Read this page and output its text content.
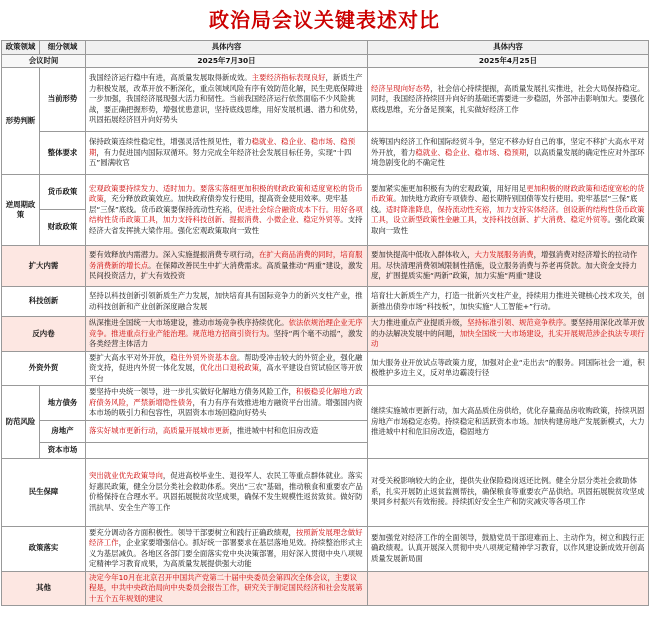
政治局会议关键表述对比
政策领域	细分领域	具体内容	具体内容
会议时间		2025年7月30日	2025年4月25日
形势判断	当前形势	我国经济运行稳中有进，高质量发展取得新成效。主要经济指标表现良好，新质生产力积极发展，改革开放不断深化，重点领域风险有序有效防范化解，民生兜底保障进一步加强，我国经济展现强大活力和韧性。当前我国经济运行依然面临不少风险挑战，要正确把握形势，增强忧患意识，坚持底线思维，用好发展机遇、潜力和优势，巩固拓展经济回升向好势头	经济呈现向好态势，社会信心持续提振，高质量发展扎实推进，社会大局保持稳定。同时，我国经济持续回升向好的基础还需要进一步稳固，外部冲击影响加大。要强化底线思维，充分备足预案，扎实做好经济工作
	整体要求	保持政策连续性稳定性，增强灵活性预见性，着力稳就业、稳企业、稳市场、稳预期，有力促进国内国际双循环。努力完成全年经济社会发展目标任务，实现“十四五”圆满收官	统筹国内经济工作和国际经贸斗争，坚定不移办好自己的事，坚定不移扩大高水平对外开放，着力稳就业、稳企业、稳市场、稳预期，以高质量发展的确定性应对外部环境急剧变化的不确定性
逆周期政策	货币政策	宏观政策要持续发力、适时加力。要落实落细更加积极的财政政策和适度宽松的货币政策，充分释放政策效应。加快政府债券发行使用，提高资金使用效率。兜牢基层“三保”底线。货币政策要保持流动性充裕，促进社会综合融资成本下行。用好各项结构性货币政策工具，加力支持科技创新、提振消费、小微企业、稳定外贸等。支持经济大省发挥挑大梁作用。强化宏观政策取向一致性	要加紧实施更加积极有为的宏观政策，用好用足更加积极的财政政策和适度宽松的货币政策。加快地方政府专项债券、超长期特别国债等发行使用。兜牢基层“三保”底线。适时降准降息，保持流动性充裕，加力支持实体经济。创设新的结构性货币政策工具，设立新型政策性金融工具，支持科技创新、扩大消费、稳定外贸等。强化政策取向一致性
	财政政策		
扩大内需		要有效释放内需潜力。深入实施提振消费专项行动，在扩大商品消费的同时，培育服务消费新的增长点。在保障改善民生中扩大消费需求。高质量推动“两重”建设，激发民间投资活力，扩大有效投资	要加快提高中低收入群体收入，大力发展服务消费，增强消费对经济增长的拉动作用。尽快清理消费领域限制性措施，设立服务消费与养老再贷款。加大资金支持力度，扩围提质实施“两新”政策，加力实施“两重”建设
科技创新		坚持以科技创新引领新质生产力发展，加快培育具有国际竞争力的新兴支柱产业，推动科技创新和产业创新深度融合发展	培育壮大新质生产力，打造一批新兴支柱产业，持续用力推进关键核心技术攻关，创新推出债券市场“科技板”，加快实施“人工智能+”行动。
反内卷		纵深推进全国统一大市场建设，推动市场竞争秩序持续优化。依法依规治理企业无序竞争。推进重点行业产能治理。规范地方招商引资行为。坚持“两个毫不动摇”，激发各类经营主体活力	大力推进重点产业提质升级，坚持标准引领、规范竞争秩序。要坚持用深化改革开放的办法解决发展中的问题，加快全国统一大市场建设，扎实开展规范涉企执法专项行动
外资外贸		要扩大高水平对外开放，稳住外贸外资基本盘。帮助受冲击较大的外贸企业，强化融资支持，促进内外贸一体化发展，优化出口退税政策，高水平建设自贸试验区等开放平台	加大服务业开放试点等政策力度，加强对企业“走出去”的服务。同国际社会一道，积极维护多边主义，反对单边霸凌行径
防范风险	地方债务	要坚持中央统一领导，进一步扎实做好化解地方债务风险工作，积极稳妥化解地方政府债务风险，严禁新增隐性债务，有力有序有效推进地方融资平台出清。增强国内资本市场的吸引力和包容性，巩固资本市场回稳向好势头	继续实施城市更新行动，加大高品质住房供给，优化存量商品房收购政策，持续巩固房地产市场稳定态势。持续稳定和活跃资本市场。加快构建房地产发展新模式，大力推进城中村和危旧房改造，稳固地方
	房地产	落实好城市更新行动，高质量开展城市更新，推进城中村和危旧房改造	
	资本市场		
民生保障		突出就业优先政策导向，促进高校毕业生、退役军人、农民工等重点群体就业。落实好惠民政策，健全分层分类社会救助体系。突出“三农”基础，推动粮食和重要农产品价格保持在合理水平。巩固拓展脱贫攻坚成果，确保不发生规模性返贫致贫。做好防汛抗旱、安全生产等工作	对受关税影响较大的企业，提供失业保险稳岗返还比例。健全分层分类社会救助体系，扎实开展防止返贫监测帮扶，确保粮食等重要农产品供给。巩固拓展脱贫攻坚成果同乡村振兴有效衔接。持续抓好安全生产和防灾减灾等各项工作
政策落实		要充分调动各方面积极性。领导干部要树立和践行正确政绩观，按照新发展理念做好经济工作，企业家要增强信心。抓好统一部署要求在基层落地见效。持续整治形式主义为基层减负。各地区各部门要全面落实党中央决策部署，用好深入贯彻中央八项规定精神学习教育成果，为高质量发展提供强大动能	要加强党对经济工作的全面领导，鼓励党员干部迎难而上、主动作为，树立和践行正确政绩观。认真开展深入贯彻中央八项规定精神学习教育，以作风建设新成效开创高质量发展新局面
其他		决定今年10月在北京召开中国共产党第二十届中央委员会第四次全体会议，主要议程是，中共中央政治局向中央委员会报告工作，研究关于制定国民经济和社会发展第十五个五年规划的建议	
